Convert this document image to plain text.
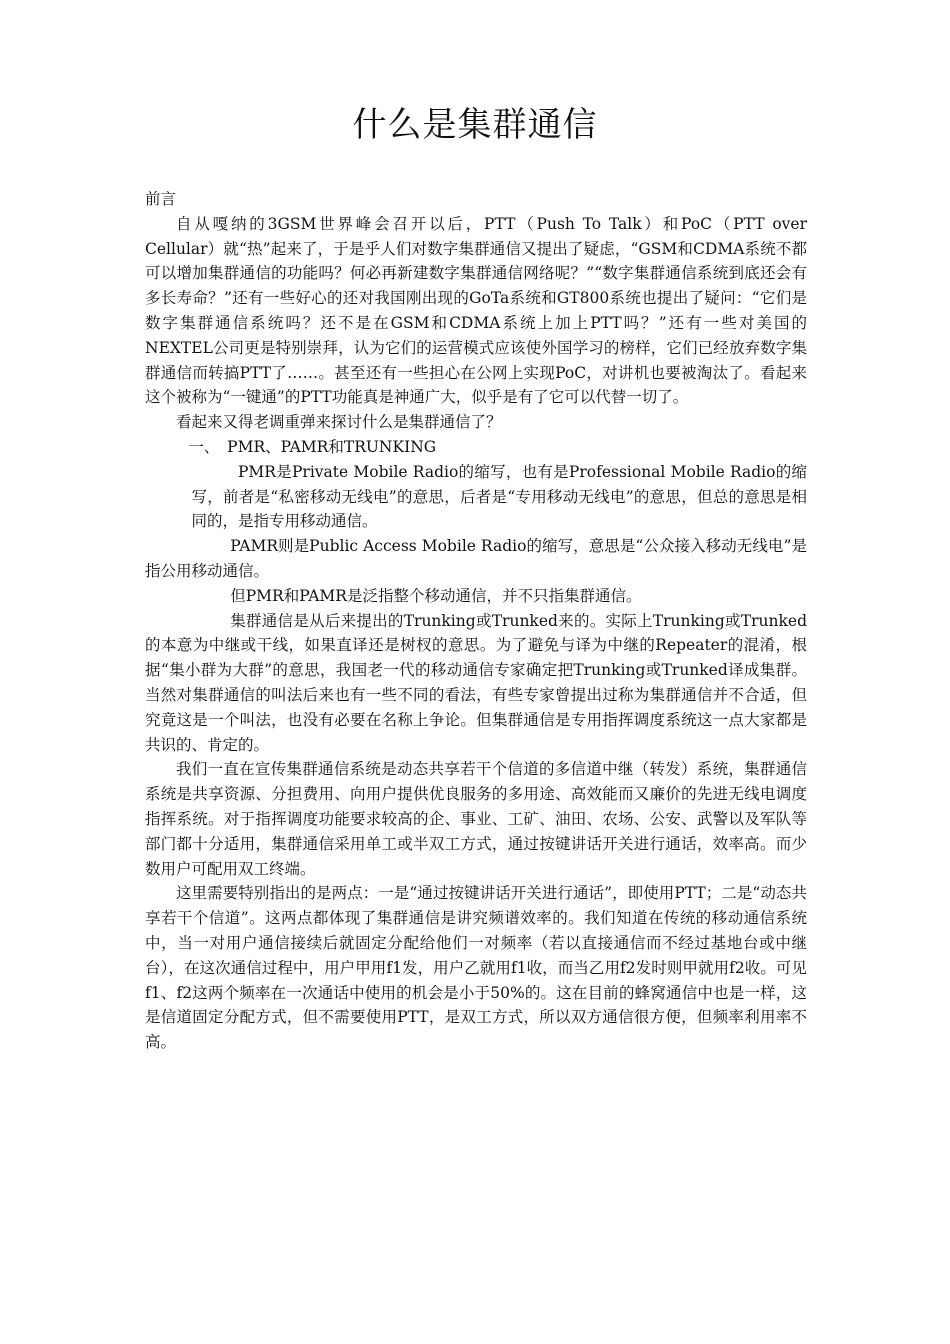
什么是集群通信

前言

自从嘎纳的3GSM世界峰会召开以后，PTT（Push To Talk）和PoC（PTT over Cellular）就“热”起来了，于是乎人们对数字集群通信又提出了疑虑，“GSM和CDMA系统不都可以增加集群通信的功能吗？何必再新建数字集群通信网络呢？”“数字集群通信系统到底还会有多长寿命？”还有一些好心的还对我国刚出现的GoTa系统和GT800系统也提出了疑问：“它们是数字集群通信系统吗？还不是在GSM和CDMA系统上加上PTT吗？”还有一些对美国的NEXTEL公司更是特别崇拜，认为它们的运营模式应该使外国学习的榜样，它们已经放弃数字集群通信而转搞PTT了……。甚至还有一些担心在公网上实现PoC，对讲机也要被淘汰了。看起来这个被称为“一键通”的PTT功能真是神通广大，似乎是有了它可以代替一切了。

看起来又得老调重弹来探讨什么是集群通信了？

一、　PMR、PAMR和TRUNKING

PMR是Private Mobile Radio的缩写，也有是Professional Mobile Radio的缩写，前者是“私密移动无线电”的意思，后者是“专用移动无线电”的意思，但总的意思是相同的，是指专用移动通信。

PAMR则是Public Access Mobile Radio的缩写，意思是“公众接入移动无线电”是指公用移动通信。

但PMR和PAMR是泛指整个移动通信，并不只指集群通信。

集群通信是从后来提出的Trunking或Trunked来的。实际上Trunking或Trunked的本意为中继或干线，如果直译还是树杈的意思。为了避免与译为中继的Repeater的混淆，根据“集小群为大群”的意思，我国老一代的移动通信专家确定把Trunking或Trunked译成集群。当然对集群通信的叫法后来也有一些不同的看法，有些专家曾提出过称为集群通信并不合适，但究竟这是一个叫法，也没有必要在名称上争论。但集群通信是专用指挥调度系统这一点大家都是共识的、肯定的。

我们一直在宣传集群通信系统是动态共享若干个信道的多信道中继（转发）系统，集群通信系统是共享资源、分担费用、向用户提供优良服务的多用途、高效能而又廉价的先进无线电调度指挥系统。对于指挥调度功能要求较高的企、事业、工矿、油田、农场、公安、武警以及军队等部门都十分适用，集群通信采用单工或半双工方式，通过按键讲话开关进行通话，效率高。而少数用户可配用双工终端。

这里需要特别指出的是两点：一是“通过按键讲话开关进行通话”，即使用PTT；二是“动态共享若干个信道”。这两点都体现了集群通信是讲究频谱效率的。我们知道在传统的移动通信系统中，当一对用户通信接续后就固定分配给他们一对频率（若以直接通信而不经过基地台或中继台），在这次通信过程中，用户甲用f1发，用户乙就用f1收，而当乙用f2发时则甲就用f2收。可见f1、f2这两个频率在一次通话中使用的机会是小于50%的。这在目前的蜂窝通信中也是一样，这是信道固定分配方式，但不需要使用PTT，是双工方式，所以双方通信很方便，但频率利用率不高。
